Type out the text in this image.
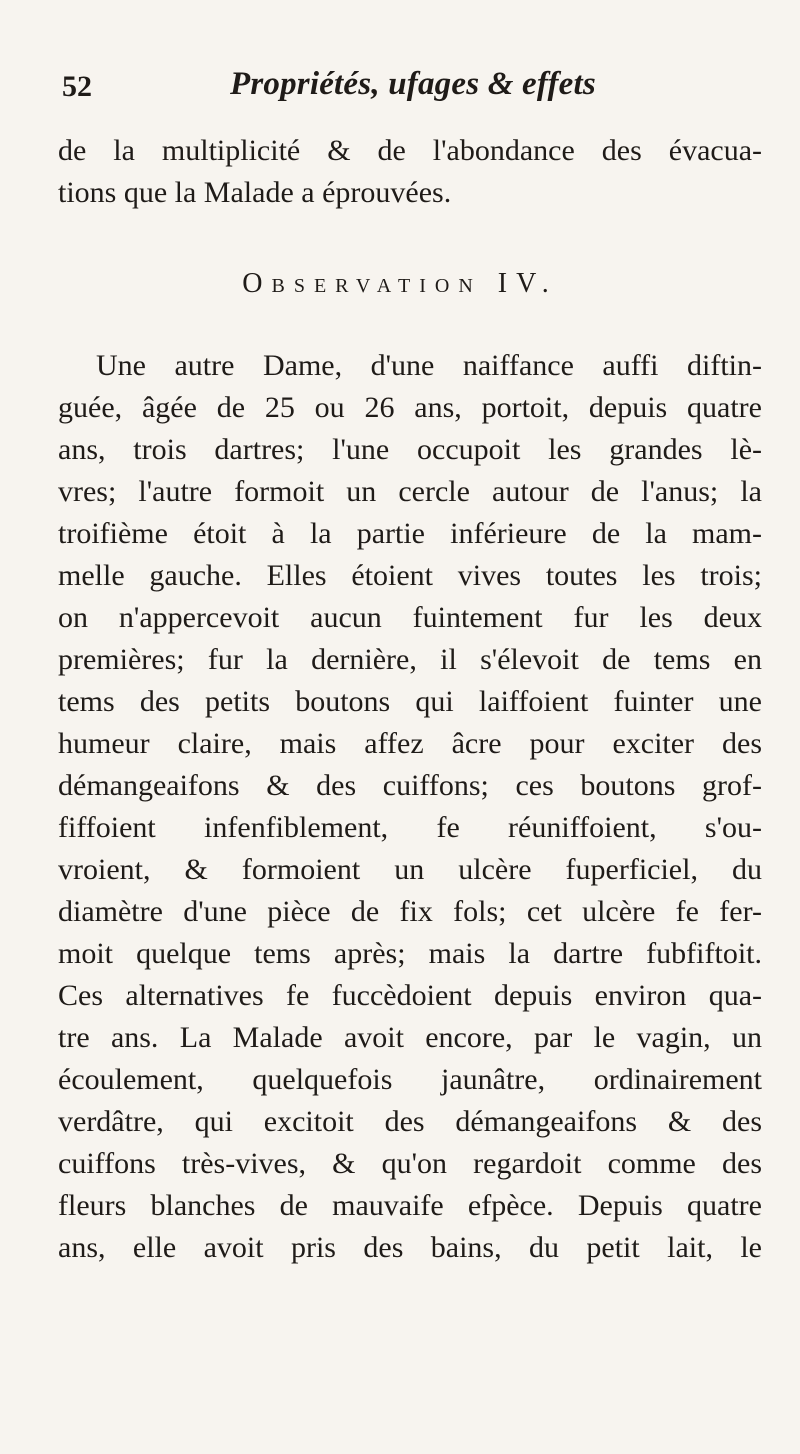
52	Propriétés, ufages & effets
de la multiplicité & de l'abondance des évacua-
tions que la Malade a éprouvées.
Observation IV.
Une autre Dame, d'une naiffance auffi diftin-
guée, âgée de 25 ou 26 ans, portoit, depuis quatre
ans, trois dartres; l'une occupoit les grandes lè-
vres; l'autre formoit un cercle autour de l'anus; la
troifième étoit à la partie inférieure de la mam-
melle gauche. Elles étoient vives toutes les trois;
on n'appercevoit aucun fuintement fur les deux
premières; fur la dernière, il s'élevoit de tems en
tems des petits boutons qui laiffoient fuinter une
humeur claire, mais affez âcre pour exciter des
démangeaifons & des cuiffons; ces boutons grof-
fiffoient infenfiblement, fe réuniffoient, s'ou-
vroient, & formoient un ulcère fuperficiel, du
diamètre d'une pièce de fix fols; cet ulcère fe fer-
moit quelque tems après; mais la dartre fubfiftoit.
Ces alternatives fe fuccèdoient depuis environ qua-
tre ans. La Malade avoit encore, par le vagin, un
écoulement, quelquefois jaunâtre, ordinairement
verdâtre, qui excitoit des démangeaifons & des
cuiffons très-vives, & qu'on regardoit comme des
fleurs blanches de mauvaife efpèce. Depuis quatre
ans, elle avoit pris des bains, du petit lait, le
